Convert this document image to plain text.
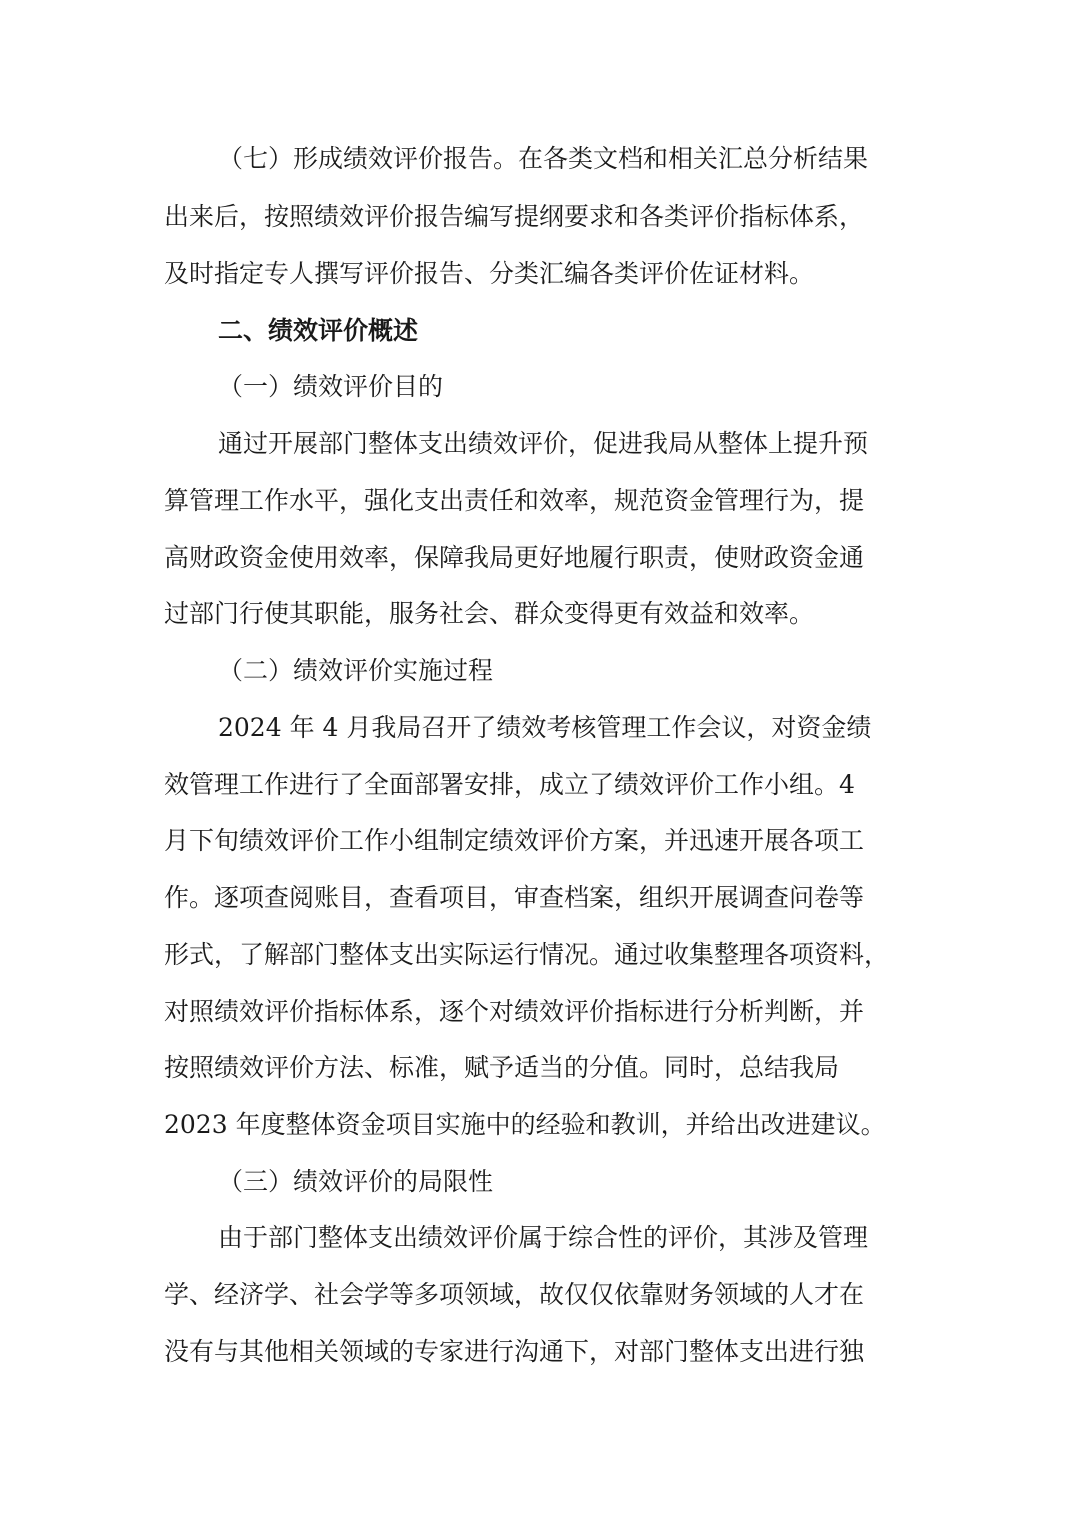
（七）形成绩效评价报告。在各类文档和相关汇总分析结果
出来后，按照绩效评价报告编写提纲要求和各类评价指标体系，
及时指定专人撰写评价报告、分类汇编各类评价佐证材料。
二、绩效评价概述
（一）绩效评价目的
通过开展部门整体支出绩效评价，促进我局从整体上提升预
算管理工作水平，强化支出责任和效率，规范资金管理行为，提
高财政资金使用效率，保障我局更好地履行职责，使财政资金通
过部门行使其职能，服务社会、群众变得更有效益和效率。
（二）绩效评价实施过程
2024 年 4 月我局召开了绩效考核管理工作会议，对资金绩
效管理工作进行了全面部署安排，成立了绩效评价工作小组。4
月下旬绩效评价工作小组制定绩效评价方案，并迅速开展各项工
作。逐项查阅账目，查看项目，审查档案，组织开展调查问卷等
形式，了解部门整体支出实际运行情况。通过收集整理各项资料，
对照绩效评价指标体系，逐个对绩效评价指标进行分析判断，并
按照绩效评价方法、标准，赋予适当的分值。同时，总结我局
2023 年度整体资金项目实施中的经验和教训，并给出改进建议。
（三）绩效评价的局限性
由于部门整体支出绩效评价属于综合性的评价，其涉及管理
学、经济学、社会学等多项领域，故仅仅依靠财务领域的人才在
没有与其他相关领域的专家进行沟通下，对部门整体支出进行独
